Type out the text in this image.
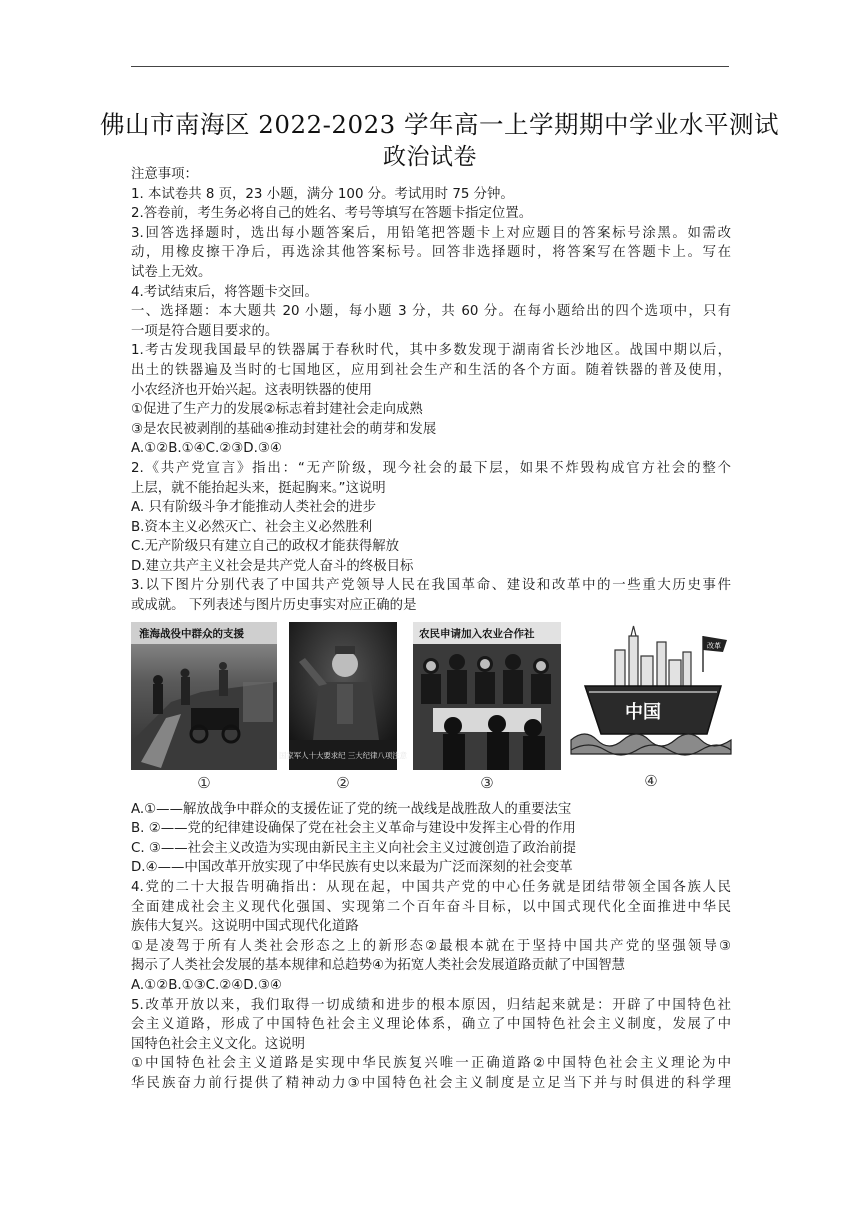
佛山市南海区 2022-2023 学年高一上学期期中学业水平测试
政治试卷
注意事项：
1. 本试卷共 8 页，23 小题，满分 100 分。考试用时 75 分钟。
2.答卷前，考生务必将自己的姓名、考号等填写在答题卡指定位置。
3.回答选择题时，选出每小题答案后，用铅笔把答题卡上对应题目的答案标号涂黑。如需改
动，用橡皮擦干净后，再选涂其他答案标号。回答非选择题时，将答案写在答题卡上。写在
试卷上无效。
4.考试结束后，将答题卡交回。
一、选择题：本大题共 20 小题，每小题 3 分，共 60 分。在每小题给出的四个选项中，只有
一项是符合题目要求的。
1.考古发现我国最早的铁器属于春秋时代，其中多数发现于湖南省长沙地区。战国中期以后，
出土的铁器遍及当时的七国地区，应用到社会生产和生活的各个方面。随着铁器的普及使用，
小农经济也开始兴起。这表明铁器的使用
①促进了生产力的发展②标志着封建社会走向成熟
③是农民被剥削的基础④推动封建社会的萌芽和发展
A.①②B.①④C.②③D.③④
2.《共产党宣言》指出：“无产阶级，现今社会的最下层，如果不炸毁构成官方社会的整个
上层，就不能抬起头来，挺起胸来。”这说明
A. 只有阶级斗争才能推动人类社会的进步
B.资本主义必然灭亡、社会主义必然胜利
C.无产阶级只有建立自己的政权才能获得解放
D.建立共产主义社会是共产党人奋斗的终极目标
3.以下图片分别代表了中国共产党领导人民在我国革命、建设和改革中的一些重大历史事件
或成就。 下列表述与图片历史事实对应正确的是
淮海战役中群众的支援
①
国家军人十大要求纪 三大纪律八项注意
②
农民申请加入农业合作社
③
改革
中国
④
A.①——解放战争中群众的支援佐证了党的统一战线是战胜敌人的重要法宝
B. ②——党的纪律建设确保了党在社会主义革命与建设中发挥主心骨的作用
C. ③——社会主义改造为实现由新民主主义向社会主义过渡创造了政治前提
D.④——中国改革开放实现了中华民族有史以来最为广泛而深刻的社会变革
4.党的二十大报告明确指出：从现在起，中国共产党的中心任务就是团结带领全国各族人民
全面建成社会主义现代化强国、实现第二个百年奋斗目标，以中国式现代化全面推进中华民
族伟大复兴。这说明中国式现代化道路
①是凌驾于所有人类社会形态之上的新形态②最根本就在于坚持中国共产党的坚强领导③
揭示了人类社会发展的基本规律和总趋势④为拓宽人类社会发展道路贡献了中国智慧
A.①②B.①③C.②④D.③④
5.改革开放以来，我们取得一切成绩和进步的根本原因，归结起来就是：开辟了中国特色社
会主义道路，形成了中国特色社会主义理论体系，确立了中国特色社会主义制度，发展了中
国特色社会主义文化。这说明
①中国特色社会主义道路是实现中华民族复兴唯一正确道路②中国特色社会主义理论为中
华民族奋力前行提供了精神动力③中国特色社会主义制度是立足当下并与时俱进的科学理
